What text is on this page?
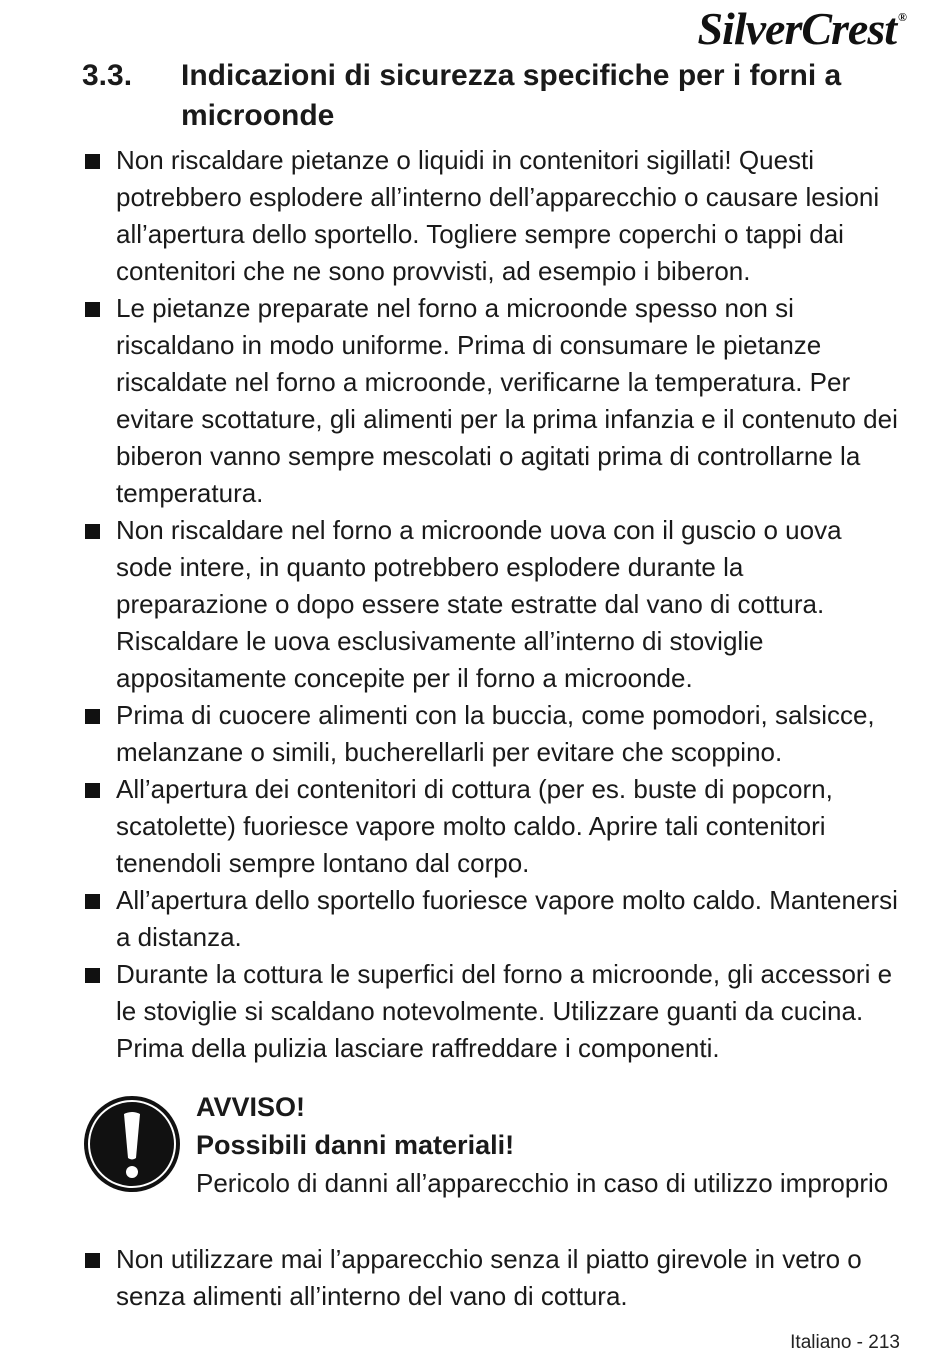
SilverCrest ®
3.3. Indicazioni di sicurezza specifiche per i forni a microonde
Non riscaldare pietanze o liquidi in contenitori sigillati! Questi potrebbero esplodere all’interno dell’apparecchio o causare lesioni all’apertura dello sportello. Togliere sempre coperchi o tappi dai contenitori che ne sono provvisti, ad esempio i biberon.
Le pietanze preparate nel forno a microonde spesso non si riscaldano in modo uniforme. Prima di consumare le pietanze riscaldate nel forno a microonde, verificarne la temperatura. Per evitare scottature, gli alimenti per la prima infanzia e il contenuto dei biberon vanno sempre mescolati o agitati prima di controllarne la temperatura.
Non riscaldare nel forno a microonde uova con il guscio o uova sode intere, in quanto potrebbero esplodere durante la preparazione o dopo essere state estratte dal vano di cottura. Riscaldare le uova esclusivamente all’interno di stoviglie appositamente concepite per il forno a microonde.
Prima di cuocere alimenti con la buccia, come pomodori, salsicce, melanzane o simili, bucherellarli per evitare che scoppino.
All’apertura dei contenitori di cottura (per es. buste di popcorn, scatolette) fuoriesce vapore molto caldo. Aprire tali contenitori tenendoli sempre lontano dal corpo.
All’apertura dello sportello fuoriesce vapore molto caldo. Mantenersi a distanza.
Durante la cottura le superfici del forno a microonde, gli accessori e le stoviglie si scaldano notevolmente. Utilizzare guanti da cucina. Prima della pulizia lasciare raffreddare i componenti.
AVVISO!
Possibili danni materiali!
Pericolo di danni all’apparecchio in caso di utilizzo improprio
Non utilizzare mai l’apparecchio senza il piatto girevole in vetro o senza alimenti all’interno del vano di cottura.
Italiano - 213
